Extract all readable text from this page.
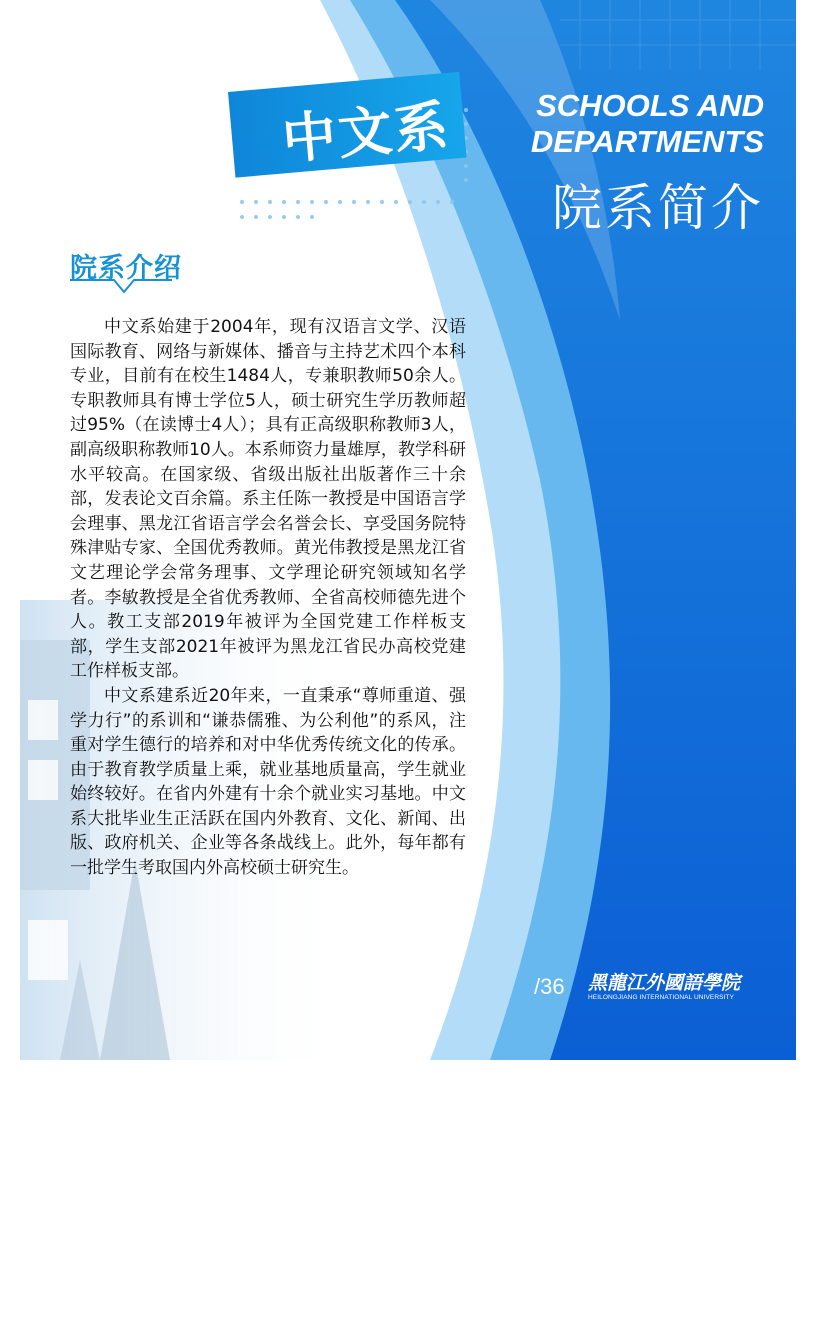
中文系	SCHOOLS AND
DEPARTMENTS
院系简介
院系介绍

中文系始建于2004年，现有汉语言文学、汉语国际教育、网络与新媒体、播音与主持艺术四个本科专业，目前有在校生1484人，专兼职教师50余人。专职教师具有博士学位5人，硕士研究生学历教师超过95%（在读博士4人）；具有正高级职称教师3人，副高级职称教师10人。本系师资力量雄厚，教学科研水平较高。在国家级、省级出版社出版著作三十余部，发表论文百余篇。系主任陈一教授是中国语言学会理事、黑龙江省语言学会名誉会长、享受国务院特殊津贴专家、全国优秀教师。黄光伟教授是黑龙江省文艺理论学会常务理事、文学理论研究领域知名学者。李敏教授是全省优秀教师、全省高校师德先进个人。教工支部2019年被评为全国党建工作样板支部，学生支部2021年被评为黑龙江省民办高校党建工作样板支部。

中文系建系近20年来，一直秉承“尊师重道、强学力行”的系训和“谦恭儒雅、为公利他”的系风，注重对学生德行的培养和对中华优秀传统文化的传承。由于教育教学质量上乘，就业基地质量高，学生就业始终较好。在省内外建有十余个就业实习基地。中文系大批毕业生正活跃在国内外教育、文化、新闻、出版、政府机关、企业等各条战线上。此外，每年都有一批学生考取国内外高校硕士研究生。

/36 黑龍江外國語學院
HEILONGJIANG INTERNATIONAL UNIVERSITY
